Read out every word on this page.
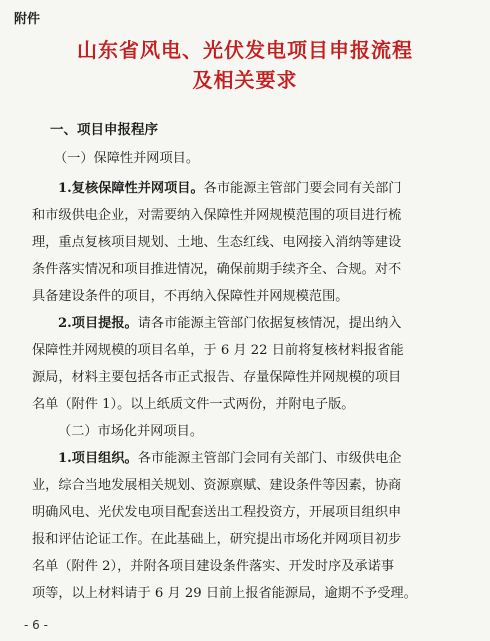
附件
山东省风电、光伏发电项目申报流程
及相关要求
一、项目申报程序
（一）保障性并网项目。
1.复核保障性并网项目。各市能源主管部门要会同有关部门
和市级供电企业，对需要纳入保障性并网规模范围的项目进行梳
理，重点复核项目规划、土地、生态红线、电网接入消纳等建设
条件落实情况和项目推进情况，确保前期手续齐全、合规。对不
具备建设条件的项目，不再纳入保障性并网规模范围。
2.项目提报。请各市能源主管部门依据复核情况，提出纳入
保障性并网规模的项目名单，于 6 月 22 日前将复核材料报省能
源局，材料主要包括各市正式报告、存量保障性并网规模的项目
名单（附件 1）。以上纸质文件一式两份，并附电子版。
（二）市场化并网项目。
1.项目组织。各市能源主管部门会同有关部门、市级供电企
业，综合当地发展相关规划、资源禀赋、建设条件等因素，协商
明确风电、光伏发电项目配套送出工程投资方，开展项目组织申
报和评估论证工作。在此基础上，研究提出市场化并网项目初步
名单（附件 2），并附各项目建设条件落实、开发时序及承诺事
项等，以上材料请于 6 月 29 日前上报省能源局，逾期不予受理。
- 6 -
